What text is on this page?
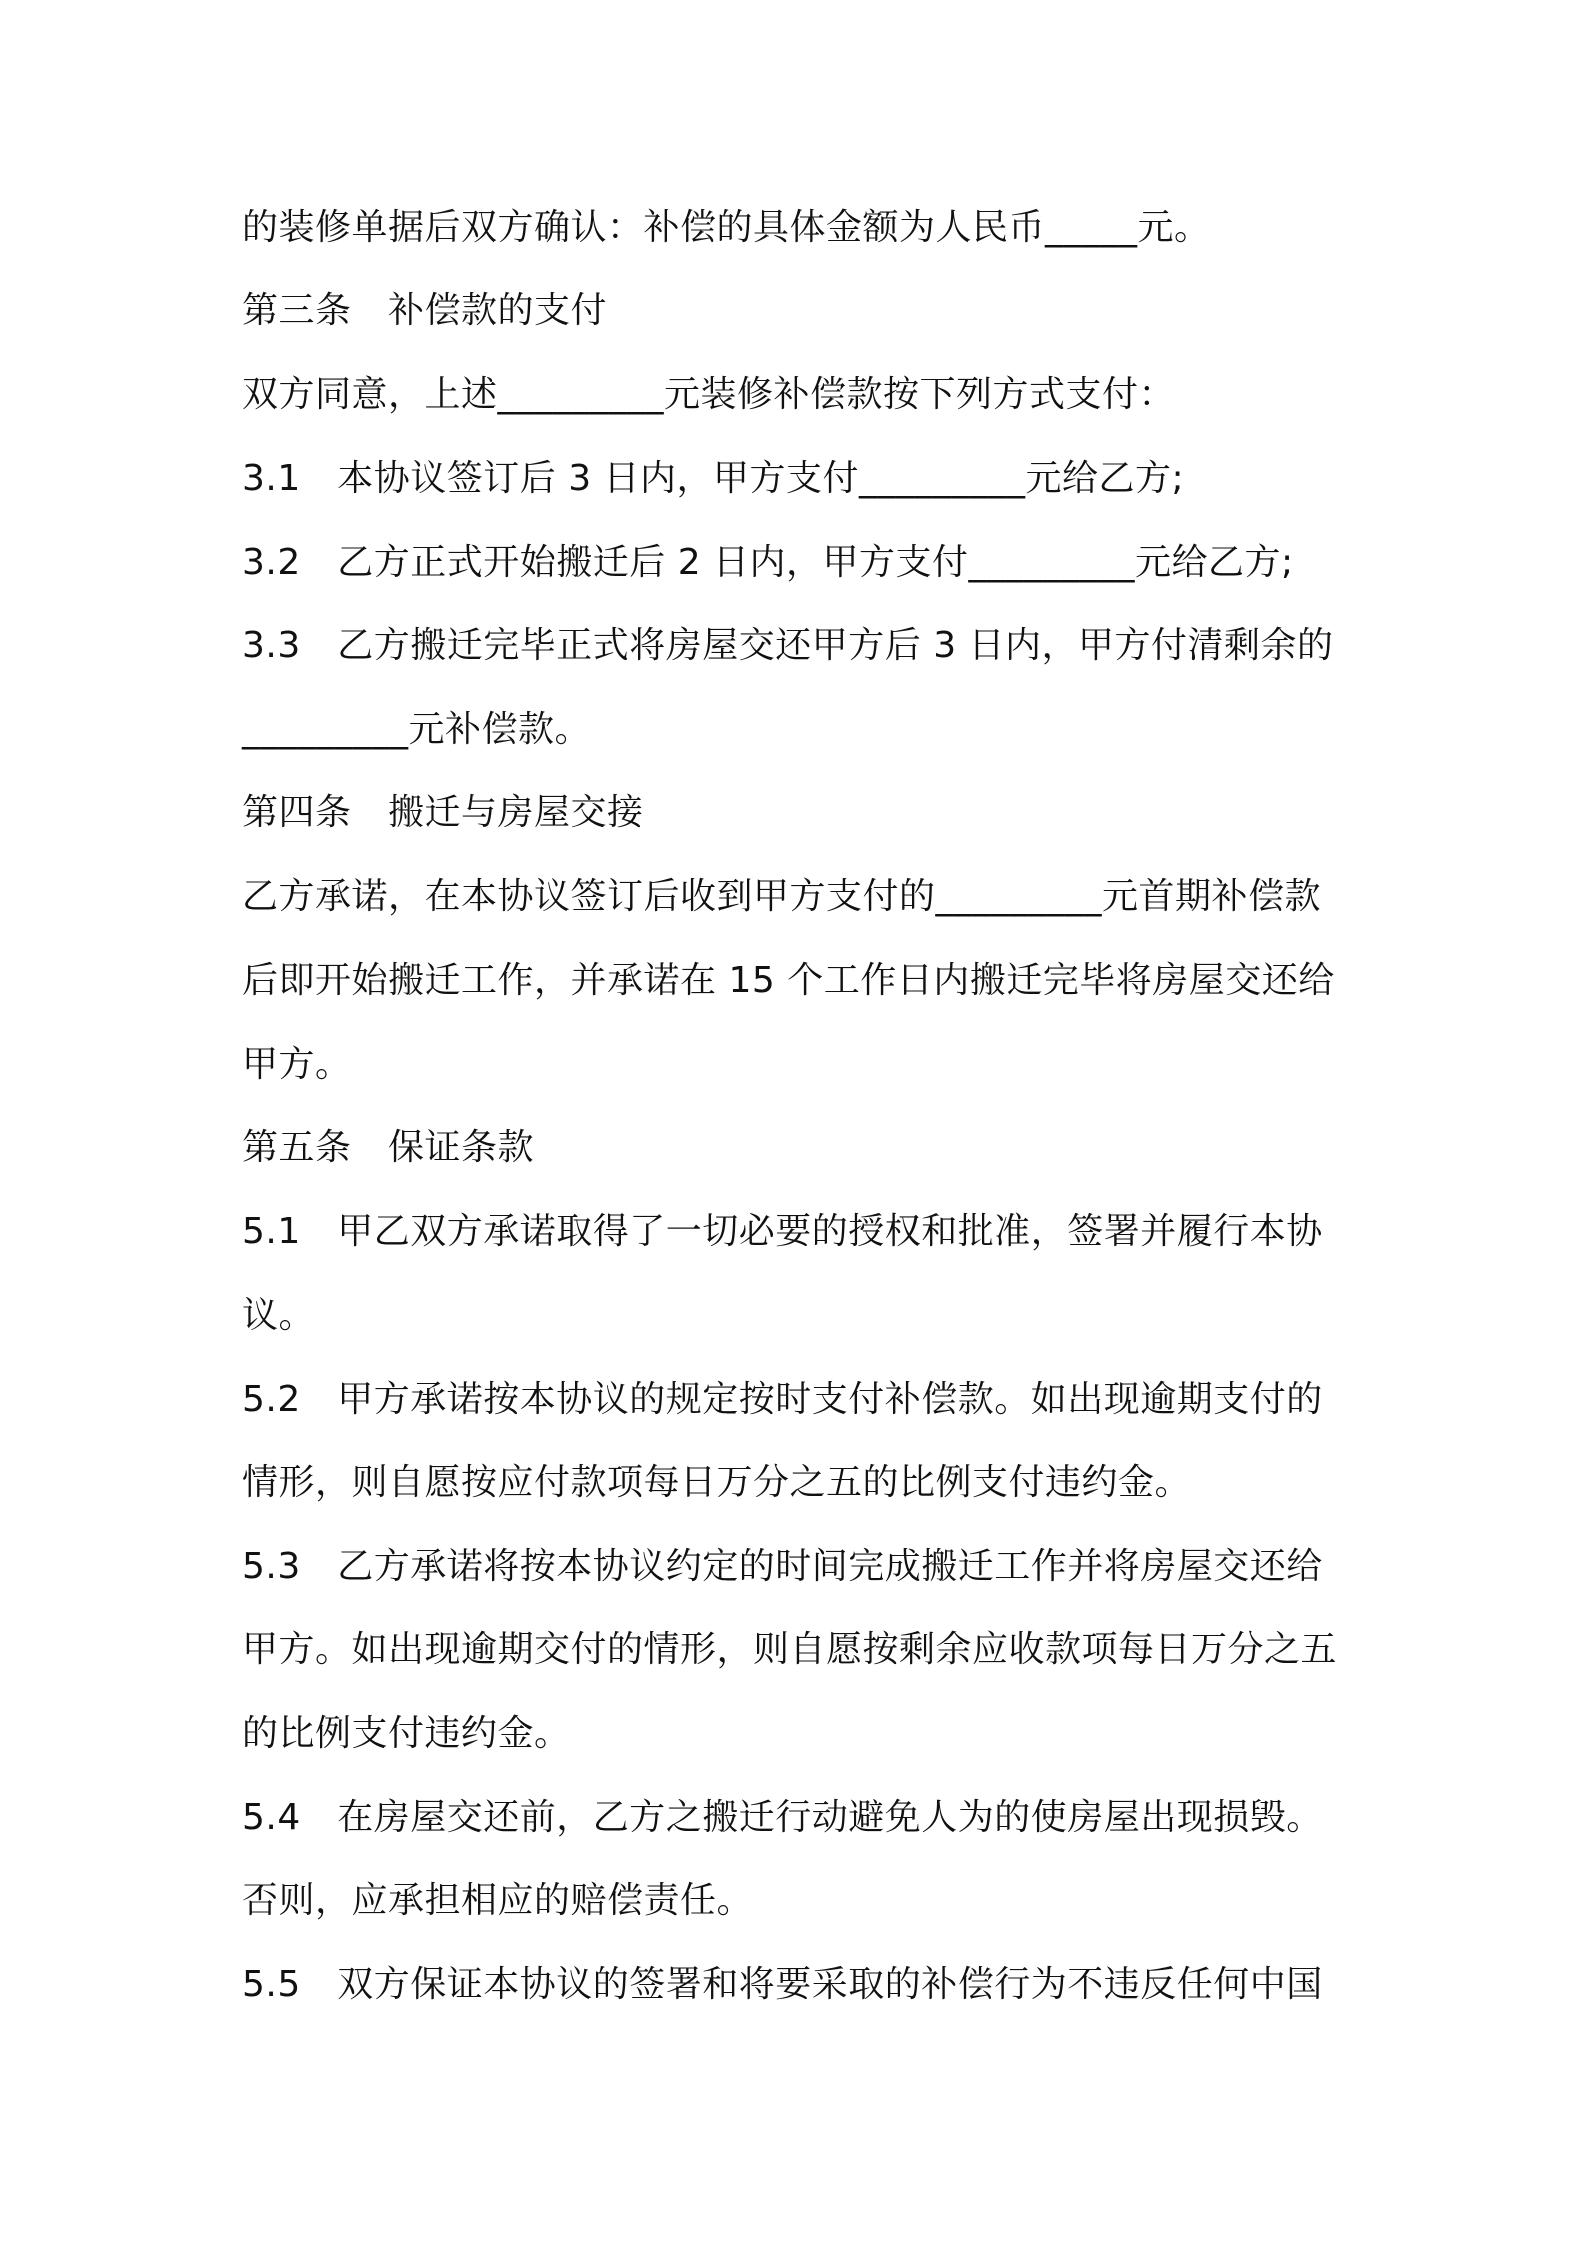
的装修单据后双方确认：补偿的具体金额为人民币_____元。
第三条　补偿款的支付
双方同意，上述_________元装修补偿款按下列方式支付：
3.1　本协议签订后 3 日内，甲方支付_________元给乙方;
3.2　乙方正式开始搬迁后 2 日内，甲方支付_________元给乙方;
3.3　乙方搬迁完毕正式将房屋交还甲方后 3 日内，甲方付清剩余的
_________元补偿款。
第四条　搬迁与房屋交接
乙方承诺，在本协议签订后收到甲方支付的_________元首期补偿款
后即开始搬迁工作，并承诺在 15 个工作日内搬迁完毕将房屋交还给
甲方。
第五条　保证条款
5.1　甲乙双方承诺取得了一切必要的授权和批准，签署并履行本协
议。
5.2　甲方承诺按本协议的规定按时支付补偿款。如出现逾期支付的
情形，则自愿按应付款项每日万分之五的比例支付违约金。
5.3　乙方承诺将按本协议约定的时间完成搬迁工作并将房屋交还给
甲方。如出现逾期交付的情形，则自愿按剩余应收款项每日万分之五
的比例支付违约金。
5.4　在房屋交还前，乙方之搬迁行动避免人为的使房屋出现损毁。
否则，应承担相应的赔偿责任。
5.5　双方保证本协议的签署和将要采取的补偿行为不违反任何中国
